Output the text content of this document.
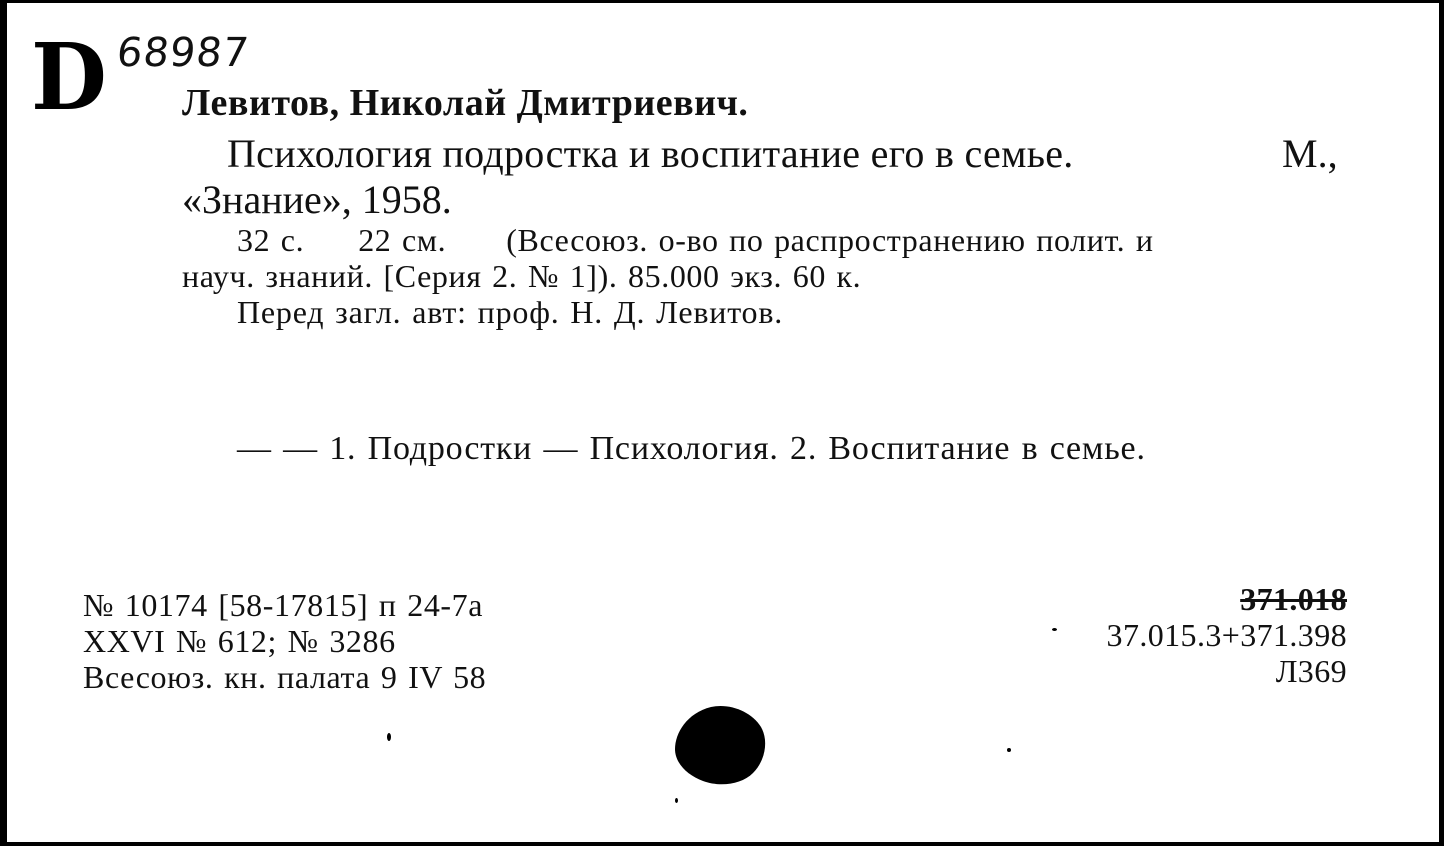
D 68987
Левитов, Николай Дмитриевич.
Психология подростка и воспитание его в семье.	М.,
«Знание», 1958.
32 с. 22 см. (Всесоюз. о-во по распространению полит. и
науч. знаний. [Серия 2. № 1]). 85.000 экз. 60 к.
Перед загл. авт: проф. Н. Д. Левитов.
— — 1. Подростки — Психология. 2. Воспитание в семье.
№ 10174 [58-17815] п 24-7а
XXVI № 612; № 3286
Всесоюз. кн. палата 9 IV 58
371.018
37.015.3+371.398
Л369
